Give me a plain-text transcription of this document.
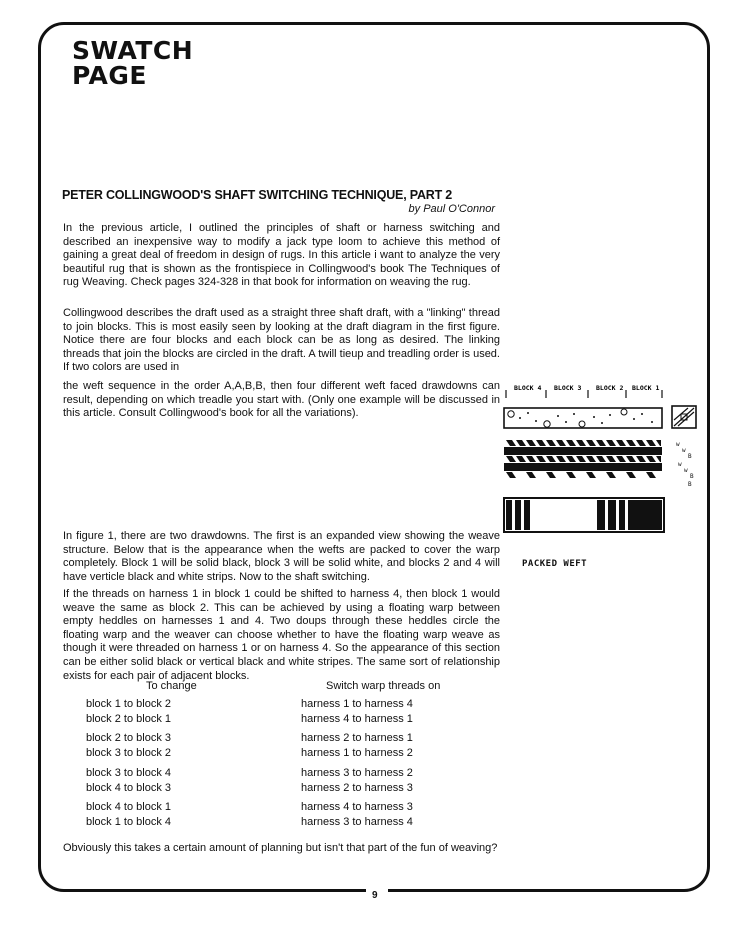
9
SWATCH
PAGE
PETER COLLINGWOOD'S SHAFT SWITCHING TECHNIQUE, PART 2
by Paul O'Connor

In the previous article, I outlined the principles of shaft or harness switching and described an inexpensive way to modify a jack type loom to achieve this method of gaining a great deal of freedom in design of rugs. In this article i want to analyze the very beautiful rug that is shown as the frontispiece in Collingwood's book The Techniques of rug Weaving. Check pages 324-328 in that book for information on weaving the rug.

Collingwood describes the draft used as a straight three shaft draft, with a "linking" thread to join blocks. This is most easily seen by looking at the draft diagram in the first figure. Notice there are four blocks and each block can be as long as desired. The linking threads that join the blocks are circled in the draft. A twill tieup and treadling order is used. If two colors are used in

the weft sequence in the order A,A,B,B, then four different weft faced drawdowns can result, depending on which treadle you start with. (Only one example will be discussed in this article. Consult Collingwood's book for all the variations).

In figure 1, there are two drawdowns. The first is an expanded view showing the weave structure. Below that is the appearance when the wefts are packed to cover the warp completely. Block 1 will be solid black, block 3 will be solid white, and blocks 2 and 4 will have verticle black and white strips. Now to the shaft switching.

If the threads on harness 1 in block 1 could be shifted to harness 4, then block 1 would weave the same as block 2. This can be achieved by using a floating warp between empty heddles on harnesses 1 and 4. Two doups through these heddles circle the floating warp and the weaver can choose whether to have the floating warp weave as though it were threaded on harness 1 or on harness 4. So the appearance of this section can be either solid black or vertical black and white stripes. The same sort of relationship exists for each pair of adjacent blocks.

To change	Switch warp threads on
block 1 to block 2	harness 1 to harness 4
block 2 to block 1	harness 4 to harness 1
block 2 to block 3	harness 2 to harness 1
block 3 to block 2	harness 1 to harness 2
block 3 to block 4	harness 3 to harness 2
block 4 to block 3	harness 2 to harness 3
block 4 to block 1	harness 4 to harness 3
block 1 to block 4	harness 3 to harness 4

Obviously this takes a certain amount of planning but isn't that part of the fun of weaving?

BLOCK 4 BLOCK 3 BLOCK 2 BLOCK 1
w
w
B
w
w
B
B
PACKED WEFT
